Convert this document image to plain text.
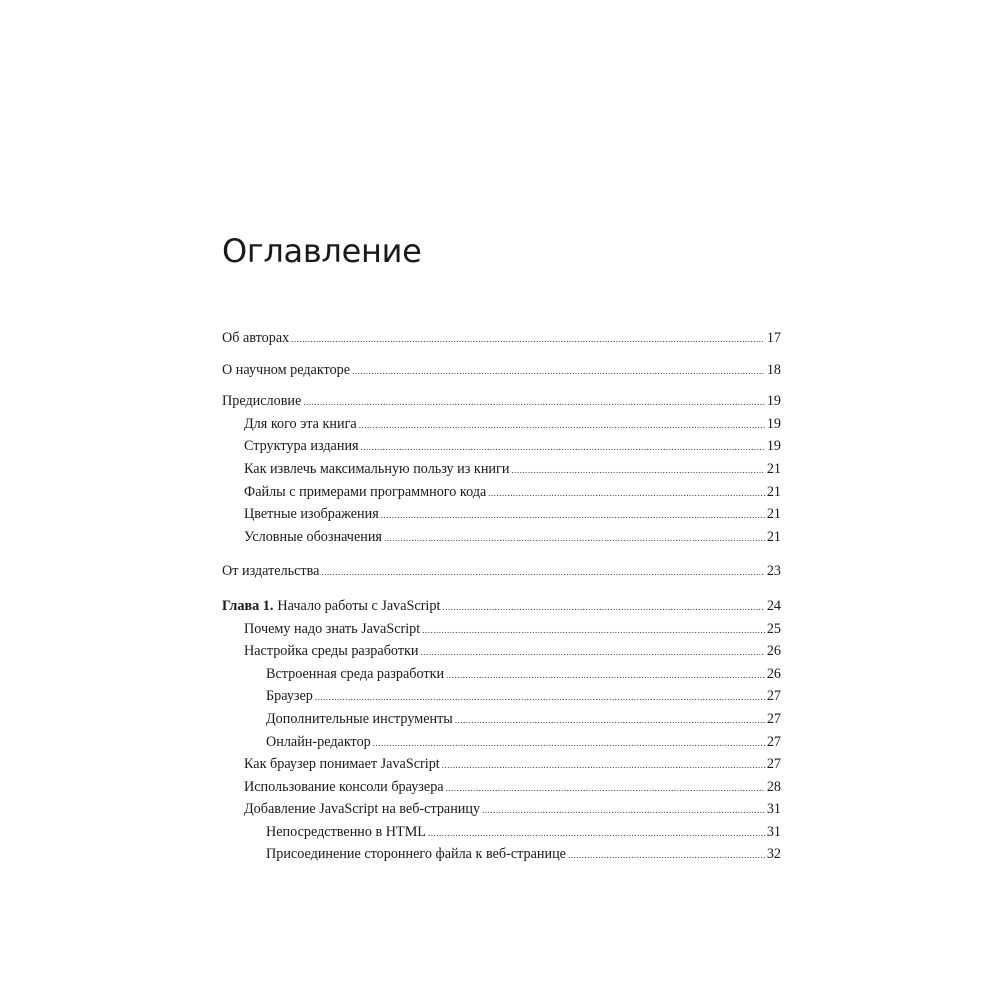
Оглавление
Об авторах .....	17
О научном редакторе .....	18
Предисловие .....	19
Для кого эта книга .....	19
Структура издания .....	19
Как извлечь максимальную пользу из книги .....	21
Файлы с примерами программного кода .....	21
Цветные изображения .....	21
Условные обозначения .....	21
От издательства .....	23
Глава 1. Начало работы с JavaScript .....	24
Почему надо знать JavaScript .....	25
Настройка среды разработки .....	26
Встроенная среда разработки .....	26
Браузер .....	27
Дополнительные инструменты .....	27
Онлайн-редактор .....	27
Как браузер понимает JavaScript .....	27
Использование консоли браузера .....	28
Добавление JavaScript на веб-страницу .....	31
Непосредственно в HTML .....	31
Присоединение стороннего файла к веб-странице .....	32
